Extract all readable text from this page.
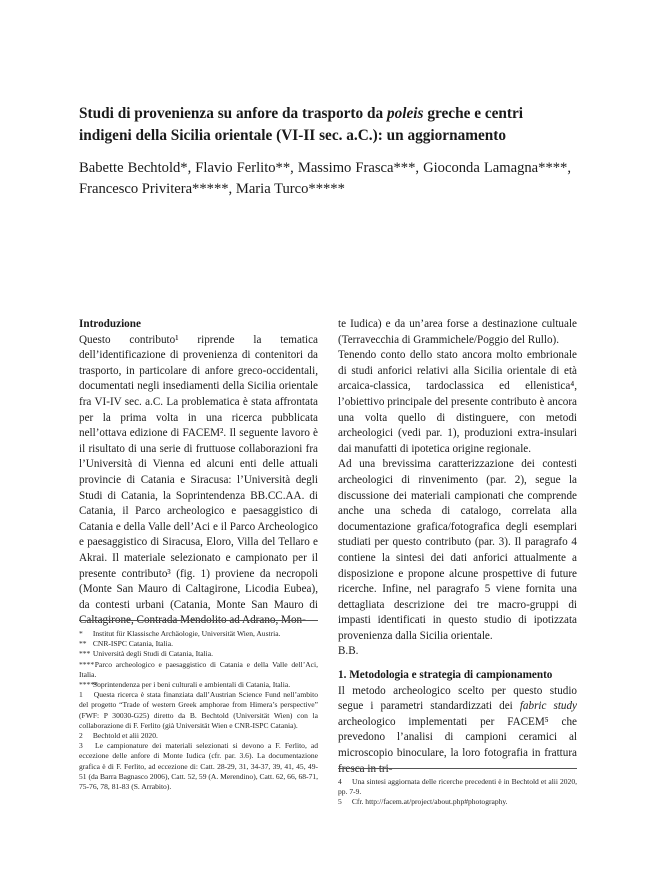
Studi di provenienza su anfore da trasporto da poleis greche e centri indigeni della Sicilia orientale (VI-II sec. a.C.): un aggiornamento
Babette Bechtold*, Flavio Ferlito**, Massimo Frasca***, Gioconda Lamagna****, Francesco Privitera*****, Maria Turco*****

Introduzione

Questo contributo¹ riprende la tematica dell’identificazione di provenienza di contenitori da trasporto, in particolare di anfore greco-occidentali, documentati negli insediamenti della Sicilia orientale fra VI-IV sec. a.C. La problematica è stata affrontata per la prima volta in una ricerca pubblicata nell’ottava edizione di FACEM². Il seguente lavoro è il risultato di una serie di fruttuose collaborazioni fra l’Università di Vienna ed alcuni enti delle attuali provincie di Catania e Siracusa: l’Università degli Studi di Catania, la Soprintendenza BB.CC.AA. di Catania, il Parco archeologico e paesaggistico di Catania e della Valle dell’Aci e il Parco Archeologico e paesaggistico di Siracusa, Eloro, Villa del Tellaro e Akrai. Il materiale selezionato e campionato per il presente contributo³ (fig. 1) proviene da necropoli (Monte San Mauro di Caltagirone, Licodia Eubea), da contesti urbani (Catania, Monte San Mauro di Caltagirone, Contrada Mendolito ad Adrano, Mon-

te Iudica) e da un’area forse a destinazione cultuale (Terravecchia di Grammichele/Poggio del Rullo).

Tenendo conto dello stato ancora molto embrionale di studi anforici relativi alla Sicilia orientale di età arcaica-classica, tardoclassica ed ellenistica⁴, l’obiettivo principale del presente contributo è ancora una volta quello di distinguere, con metodi archeologici (vedi par. 1), produzioni extra-insulari dai manufatti di ipotetica origine regionale.

Ad una brevissima caratterizzazione dei contesti archeologici di rinvenimento (par. 2), segue la discussione dei materiali campionati che comprende anche una scheda di catalogo, correlata alla documentazione grafica/fotografica degli esemplari studiati per questo contributo (par. 3). Il paragrafo 4 contiene la sintesi dei dati anforici attualmente a disposizione e propone alcune prospettive di future ricerche. Infine, nel paragrafo 5 viene fornita una dettagliata descrizione dei tre macro-gruppi di impasti identificati in questo studio di ipotizzata provenienza dalla Sicilia orientale.

B.B.

1. Metodologia e strategia di campionamento

Il metodo archeologico scelto per questo studio segue i parametri standardizzati dei fabric study archeologico implementati per FACEM⁵ che prevedono l’analisi di campioni ceramici al microscopio binoculare, la loro fotografia in frattura fresca in tri-

* Institut für Klassische Archäologie, Universität Wien, Austria.

** CNR-ISPC Catania, Italia.

*** Università degli Studi di Catania, Italia.

**** Parco archeologico e paesaggistico di Catania e della Valle dell’Aci, Italia.

***** Soprintendenza per i beni culturali e ambientali di Catania, Italia.

1 Questa ricerca è stata finanziata dall’Austrian Science Fund nell’ambito del progetto “Trade of western Greek amphorae from Himera’s perspective” (FWF: P 30030-G25) diretto da B. Bechtold (Universität Wien) con la collaborazione di F. Ferlito (già Universität Wien e CNR-ISPC Catania).

2 Bechtold et alii 2020.

3 Le campionature dei materiali selezionati si devono a F. Ferlito, ad eccezione delle anfore di Monte Iudica (cfr. par. 3.6). La documentazione grafica è di F. Ferlito, ad eccezione di: Catt. 28-29, 31, 34-37, 39, 41, 45, 49-51 (da Barra Bagnasco 2006), Catt. 52, 59 (A. Merendino), Catt. 62, 66, 68-71, 75-76, 78, 81-83 (S. Arrabito).

4 Una sintesi aggiornata delle ricerche precedenti è in Bechtold et alii 2020, pp. 7-9.

5 Cfr. http://facem.at/project/about.php#photography.
